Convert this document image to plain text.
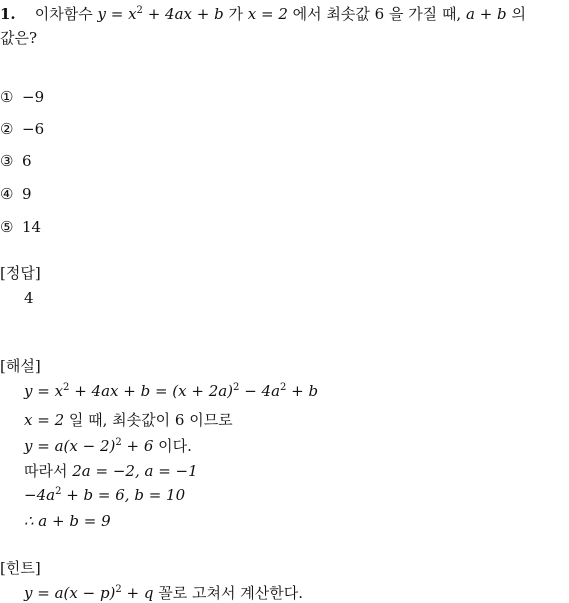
1. 이차함수 $y = x^2 + 4ax + b$ 가 x = 2 에서 최솟값 6 을 가질 때, a + b 의
값은?
① −9
② −6
③ 6
④ 9
⑤ 14
[정답]
4
[해설]
$y = x^2 + 4ax + b = (x + 2a)^2 - 4a^2 + b$
x = 2 일 때, 최솟값이 6 이므로
$y = a(x - 2)^2 + 6$ 이다.
따라서 2a = −2, a = −1
$-4a^2 + b = 6$, b = 10
∴ a + b = 9
[힌트]
$y = a(x - p)^2 + q$ 꼴로 고쳐서 계산한다.
